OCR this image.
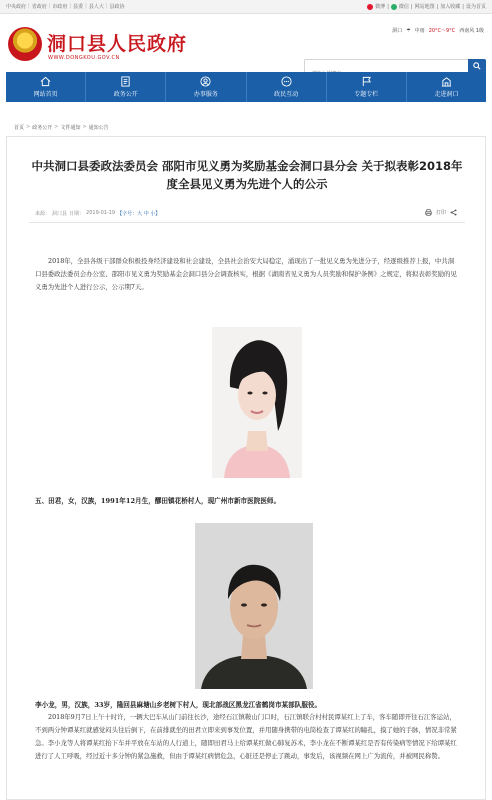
中央政府 | 省政府 | 市政府 | 县委 | 县人大 | 县政协	微博 | 微信 | 网站地图 | 加入收藏 | 设为首页
洞口县人民政府
WWW.DONGKOU.GOV.CN
洞口 ☂ 中雨 20°C～9°C 西南风 1级
请输入关键字
网站首页	政务公开	办事服务	政民互动	专题专栏	走进洞口
首页 > 政务公开 > 文件通知 > 通知公告
中共洞口县委政法委员会 邵阳市见义勇为奖励基金会洞口县分会 关于拟表彰2018年度全县见义勇为先进个人的公示
来源： 洞口县 日期： 2019-01-19 【字号：大 中 小】	打印

2018年，全县各级干部群众积极投身经济建设和社会建设，全县社会治安大局稳定，涌现出了一批见义勇为先进分子，经逐级推荐上报，中共洞口县委政法委员会办公室、邵阳市见义勇为奖励基金会洞口县分会调查核实，根据《湖南省见义勇为人员奖励和保护条例》之规定，将拟表彰奖励的见义勇为先进个人进行公示，公示期7天。

五、田君，女，汉族，1991年12月生，醪田镇花桥村人，现广州市新市医院医师。
李小龙，男，汉族，33岁，隆回县麻塘山乡老树下村人，现北部战区黑龙江省鹤岗市某部队服役。

2018年9月7日上午十时许，一辆大巴车从山门前往长沙，途经石江镇鞍山门口时，石江镇联合村村民谭某红上了车，客车随即开往石江客运站，不到两分钟谭某红就感觉闷头往后倒下，在前排就坐的田君立即来到事发位置，并用随身携带的电筒检查了谭某红的瞳孔，摸了她的手脉，情况非常紧急。李小龙等人将谭某红抬下车并平放在车站的人行道上，随即田君马上给谭某红做心肺复苏术，李小龙在不断谭某红是否有传染病等情况下给谭某红进行了人工呼吸，经过近十多分钟的紧急施救，但由于谭某红病情危急，心脏还是停止了跳动，事发后，该视频在网上广为流传，并被网民称赞。
